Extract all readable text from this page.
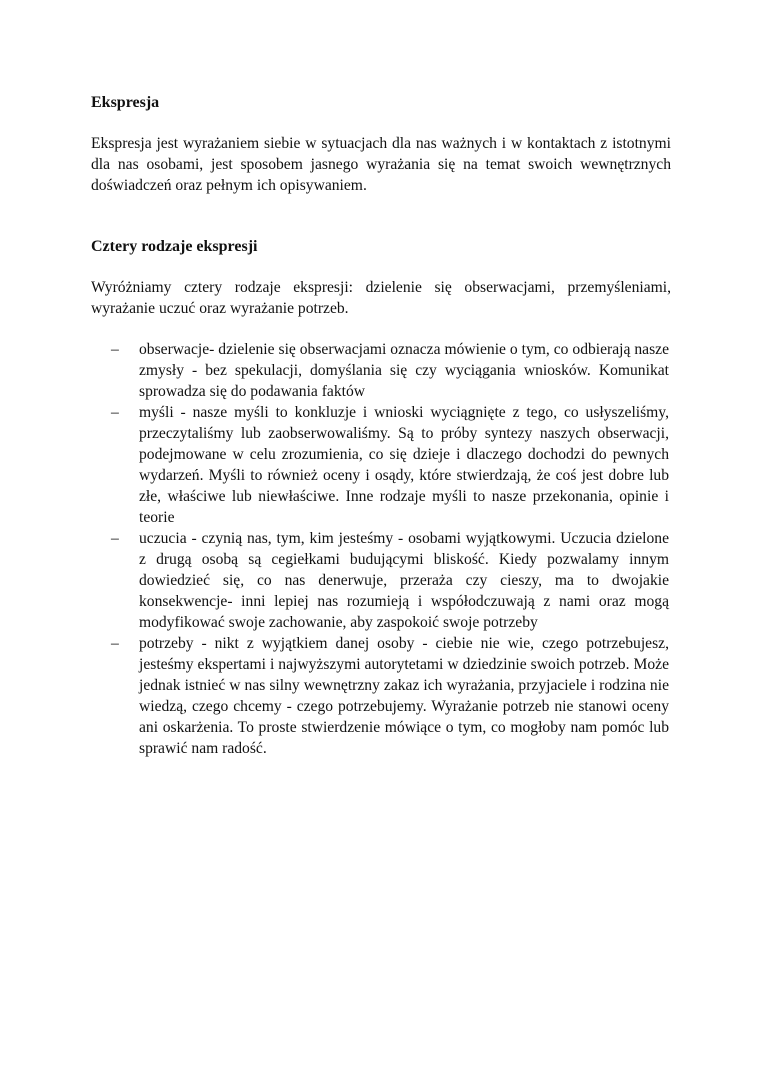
Ekspresja

Ekspresja jest wyrażaniem siebie w sytuacjach dla nas ważnych i w kontaktach z istotnymi dla nas osobami, jest sposobem jasnego wyrażania się na temat swoich wewnętrznych doświadczeń oraz pełnym ich opisywaniem.

Cztery rodzaje ekspresji

Wyróżniamy cztery rodzaje ekspresji: dzielenie się obserwacjami, przemyśleniami, wyrażanie uczuć oraz wyrażanie potrzeb.

– obserwacje- dzielenie się obserwacjami oznacza mówienie o tym, co odbierają nasze zmysły - bez spekulacji, domyślania się czy wyciągania wniosków. Komunikat sprowadza się do podawania faktów
– myśli - nasze myśli to konkluzje i wnioski wyciągnięte z tego, co usłyszeliśmy, przeczytaliśmy lub zaobserwowaliśmy. Są to próby syntezy naszych obserwacji, podejmowane w celu zrozumienia, co się dzieje i dlaczego dochodzi do pewnych wydarzeń. Myśli to również oceny i osądy, które stwierdzają, że coś jest dobre lub złe, właściwe lub niewłaściwe. Inne rodzaje myśli to nasze przekonania, opinie i teorie
– uczucia - czynią nas, tym, kim jesteśmy - osobami wyjątkowymi. Uczucia dzielone z drugą osobą są cegiełkami budującymi bliskość. Kiedy pozwalamy innym dowiedzieć się, co nas denerwuje, przeraża czy cieszy, ma to dwojakie konsekwencje- inni lepiej nas rozumieją i współodczuwają z nami oraz mogą modyfikować swoje zachowanie, aby zaspokoić swoje potrzeby
– potrzeby - nikt z wyjątkiem danej osoby - ciebie nie wie, czego potrzebujesz, jesteśmy ekspertami i najwyższymi autorytetami w dziedzinie swoich potrzeb. Może jednak istnieć w nas silny wewnętrzny zakaz ich wyrażania, przyjaciele i rodzina nie wiedzą, czego chcemy - czego potrzebujemy. Wyrażanie potrzeb nie stanowi oceny ani oskarżenia. To proste stwierdzenie mówiące o tym, co mogłoby nam pomóc lub sprawić nam radość.
